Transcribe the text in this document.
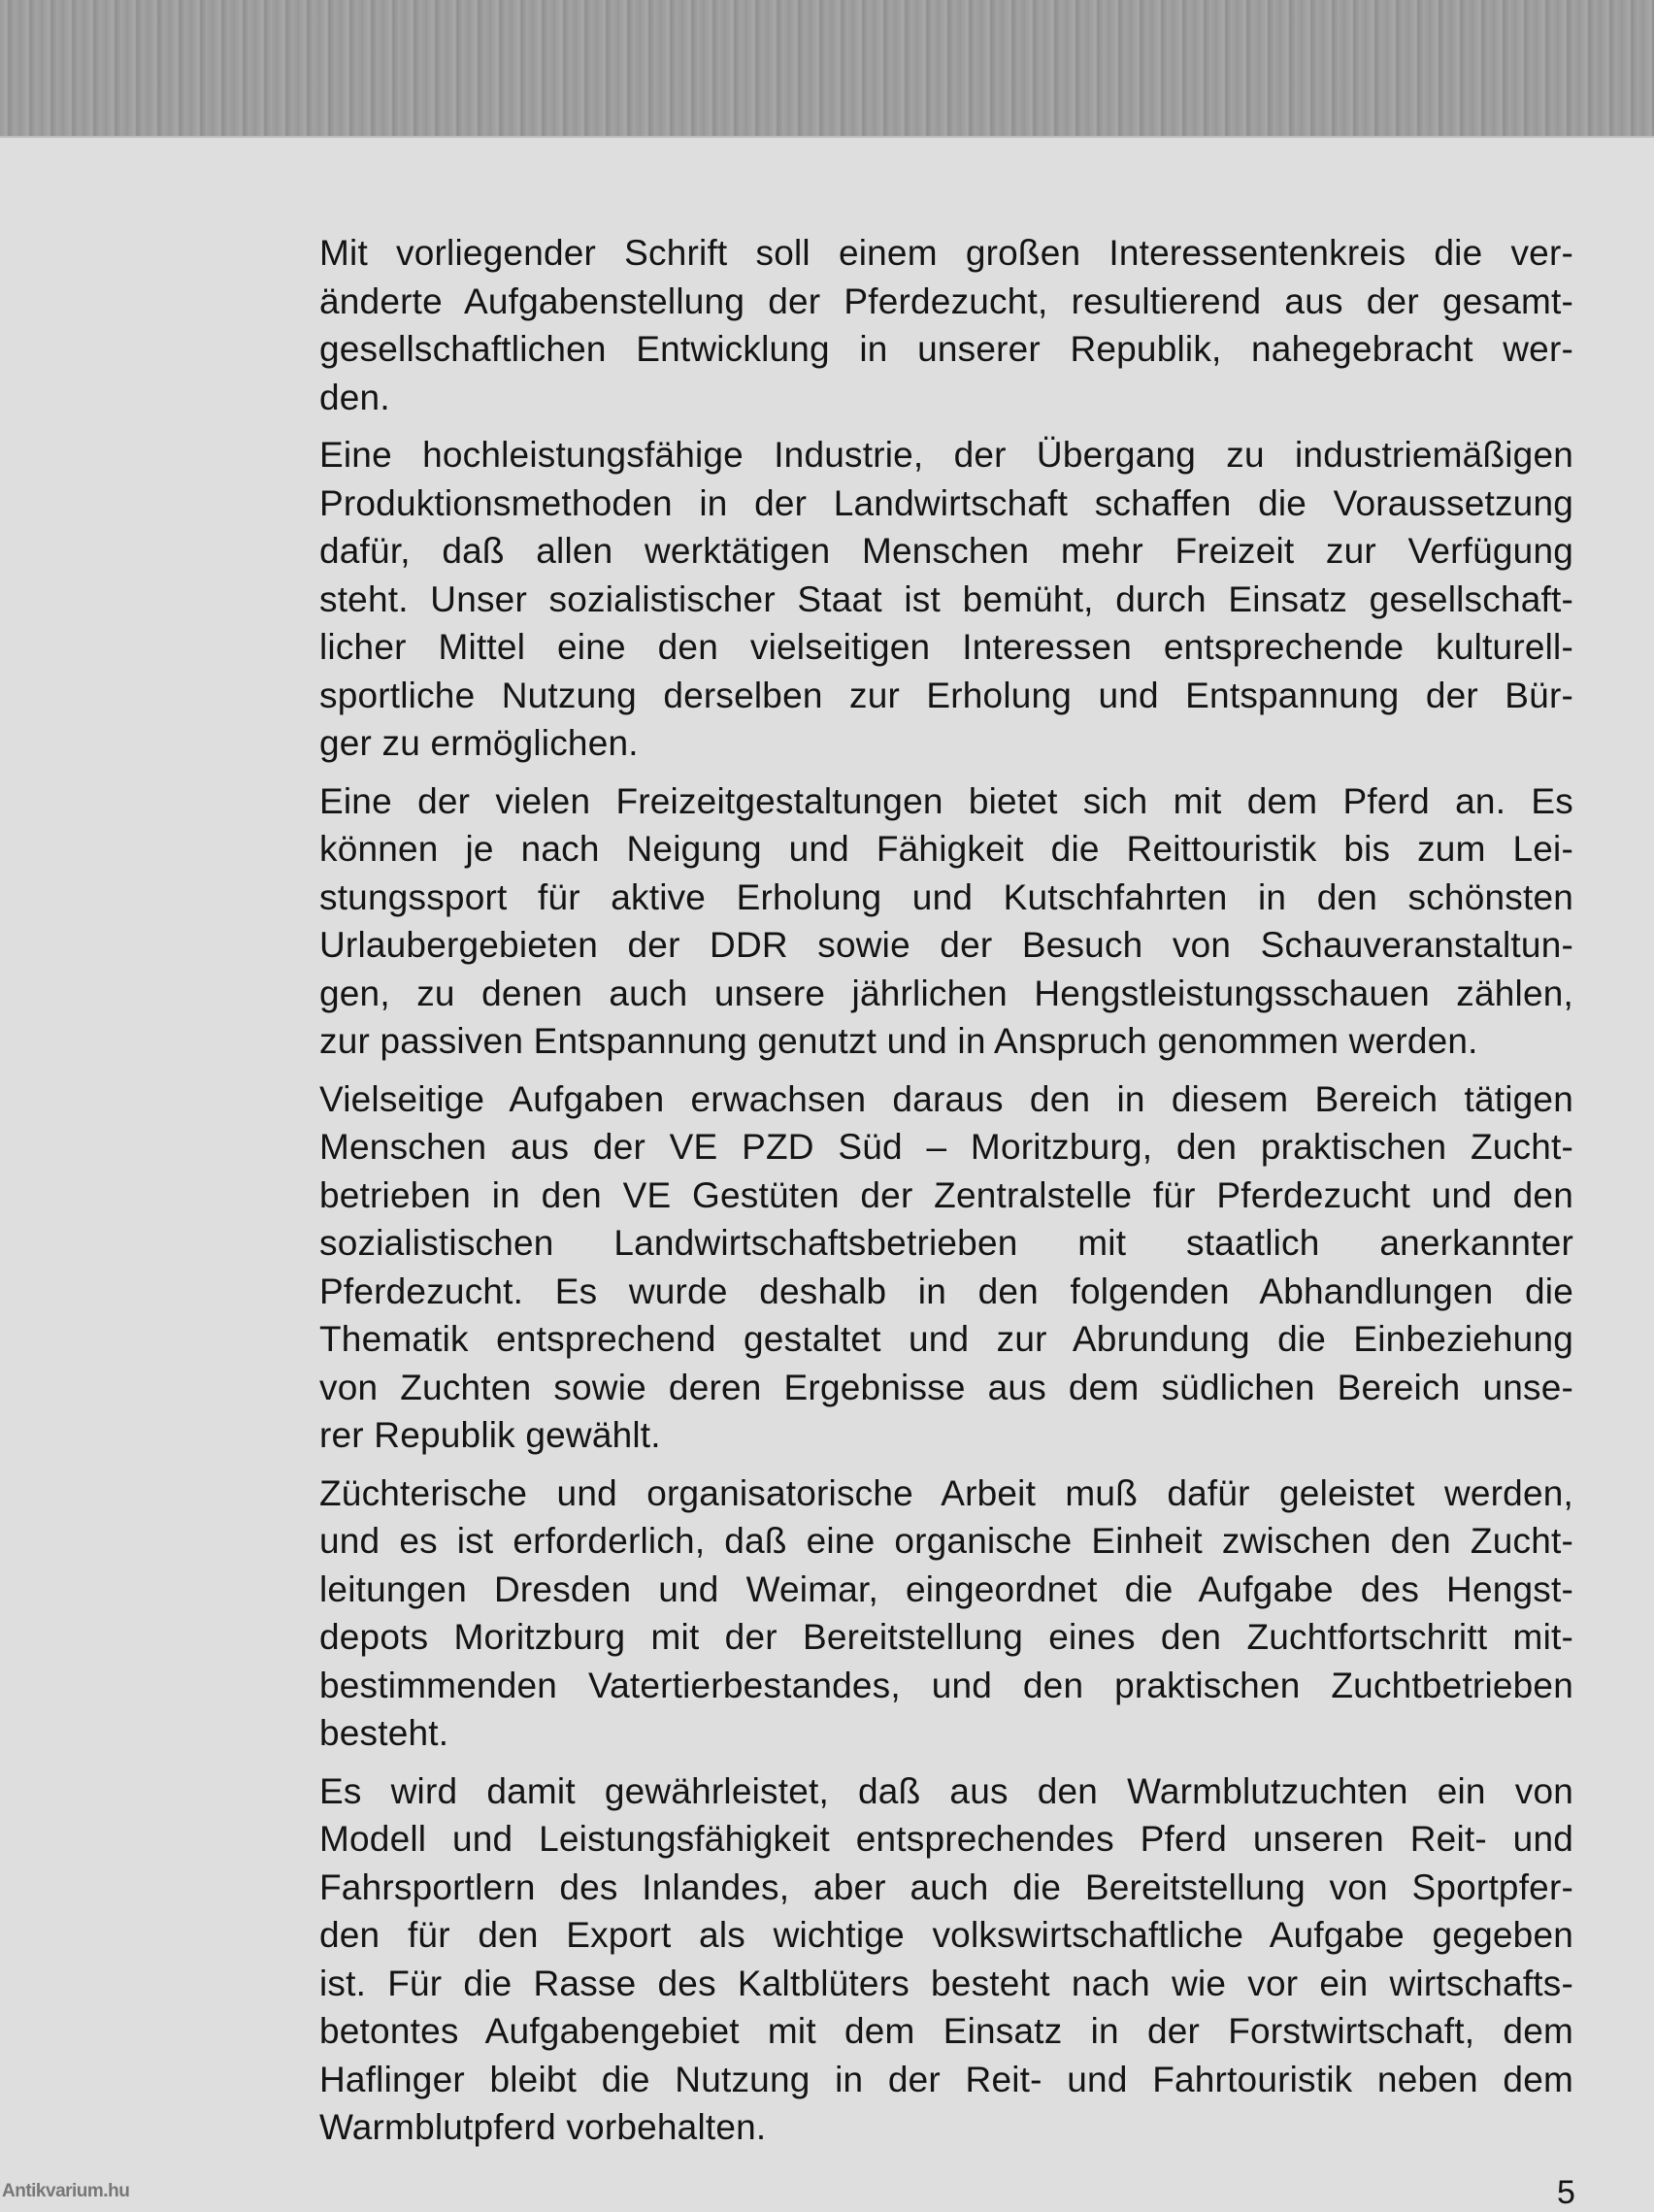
Mit vorliegender Schrift soll einem großen Interessentenkreis die ver-
änderte Aufgabenstellung der Pferdezucht, resultierend aus der gesamt-
gesellschaftlichen Entwicklung in unserer Republik, nahegebracht wer-
den.
Eine hochleistungsfähige Industrie, der Übergang zu industriemäßigen
Produktionsmethoden in der Landwirtschaft schaffen die Voraussetzung
dafür, daß allen werktätigen Menschen mehr Freizeit zur Verfügung
steht. Unser sozialistischer Staat ist bemüht, durch Einsatz gesellschaft-
licher Mittel eine den vielseitigen Interessen entsprechende kulturell-
sportliche Nutzung derselben zur Erholung und Entspannung der Bür-
ger zu ermöglichen.
Eine der vielen Freizeitgestaltungen bietet sich mit dem Pferd an. Es
können je nach Neigung und Fähigkeit die Reittouristik bis zum Lei-
stungssport für aktive Erholung und Kutschfahrten in den schönsten
Urlaubergebieten der DDR sowie der Besuch von Schauveranstaltun-
gen, zu denen auch unsere jährlichen Hengstleistungsschauen zählen,
zur passiven Entspannung genutzt und in Anspruch genommen werden.
Vielseitige Aufgaben erwachsen daraus den in diesem Bereich tätigen
Menschen aus der VE PZD Süd – Moritzburg, den praktischen Zucht-
betrieben in den VE Gestüten der Zentralstelle für Pferdezucht und den
sozialistischen Landwirtschaftsbetrieben mit staatlich anerkannter
Pferdezucht. Es wurde deshalb in den folgenden Abhandlungen die
Thematik entsprechend gestaltet und zur Abrundung die Einbeziehung
von Zuchten sowie deren Ergebnisse aus dem südlichen Bereich unse-
rer Republik gewählt.
Züchterische und organisatorische Arbeit muß dafür geleistet werden,
und es ist erforderlich, daß eine organische Einheit zwischen den Zucht-
leitungen Dresden und Weimar, eingeordnet die Aufgabe des Hengst-
depots Moritzburg mit der Bereitstellung eines den Zuchtfortschritt mit-
bestimmenden Vatertierbestandes, und den praktischen Zuchtbetrieben
besteht.
Es wird damit gewährleistet, daß aus den Warmblutzuchten ein von
Modell und Leistungsfähigkeit entsprechendes Pferd unseren Reit- und
Fahrsportlern des Inlandes, aber auch die Bereitstellung von Sportpfer-
den für den Export als wichtige volkswirtschaftliche Aufgabe gegeben
ist. Für die Rasse des Kaltblüters besteht nach wie vor ein wirtschafts-
betontes Aufgabengebiet mit dem Einsatz in der Forstwirtschaft, dem
Haflinger bleibt die Nutzung in der Reit- und Fahrtouristik neben dem
Warmblutpferd vorbehalten.
5
Antikvarium.hu
